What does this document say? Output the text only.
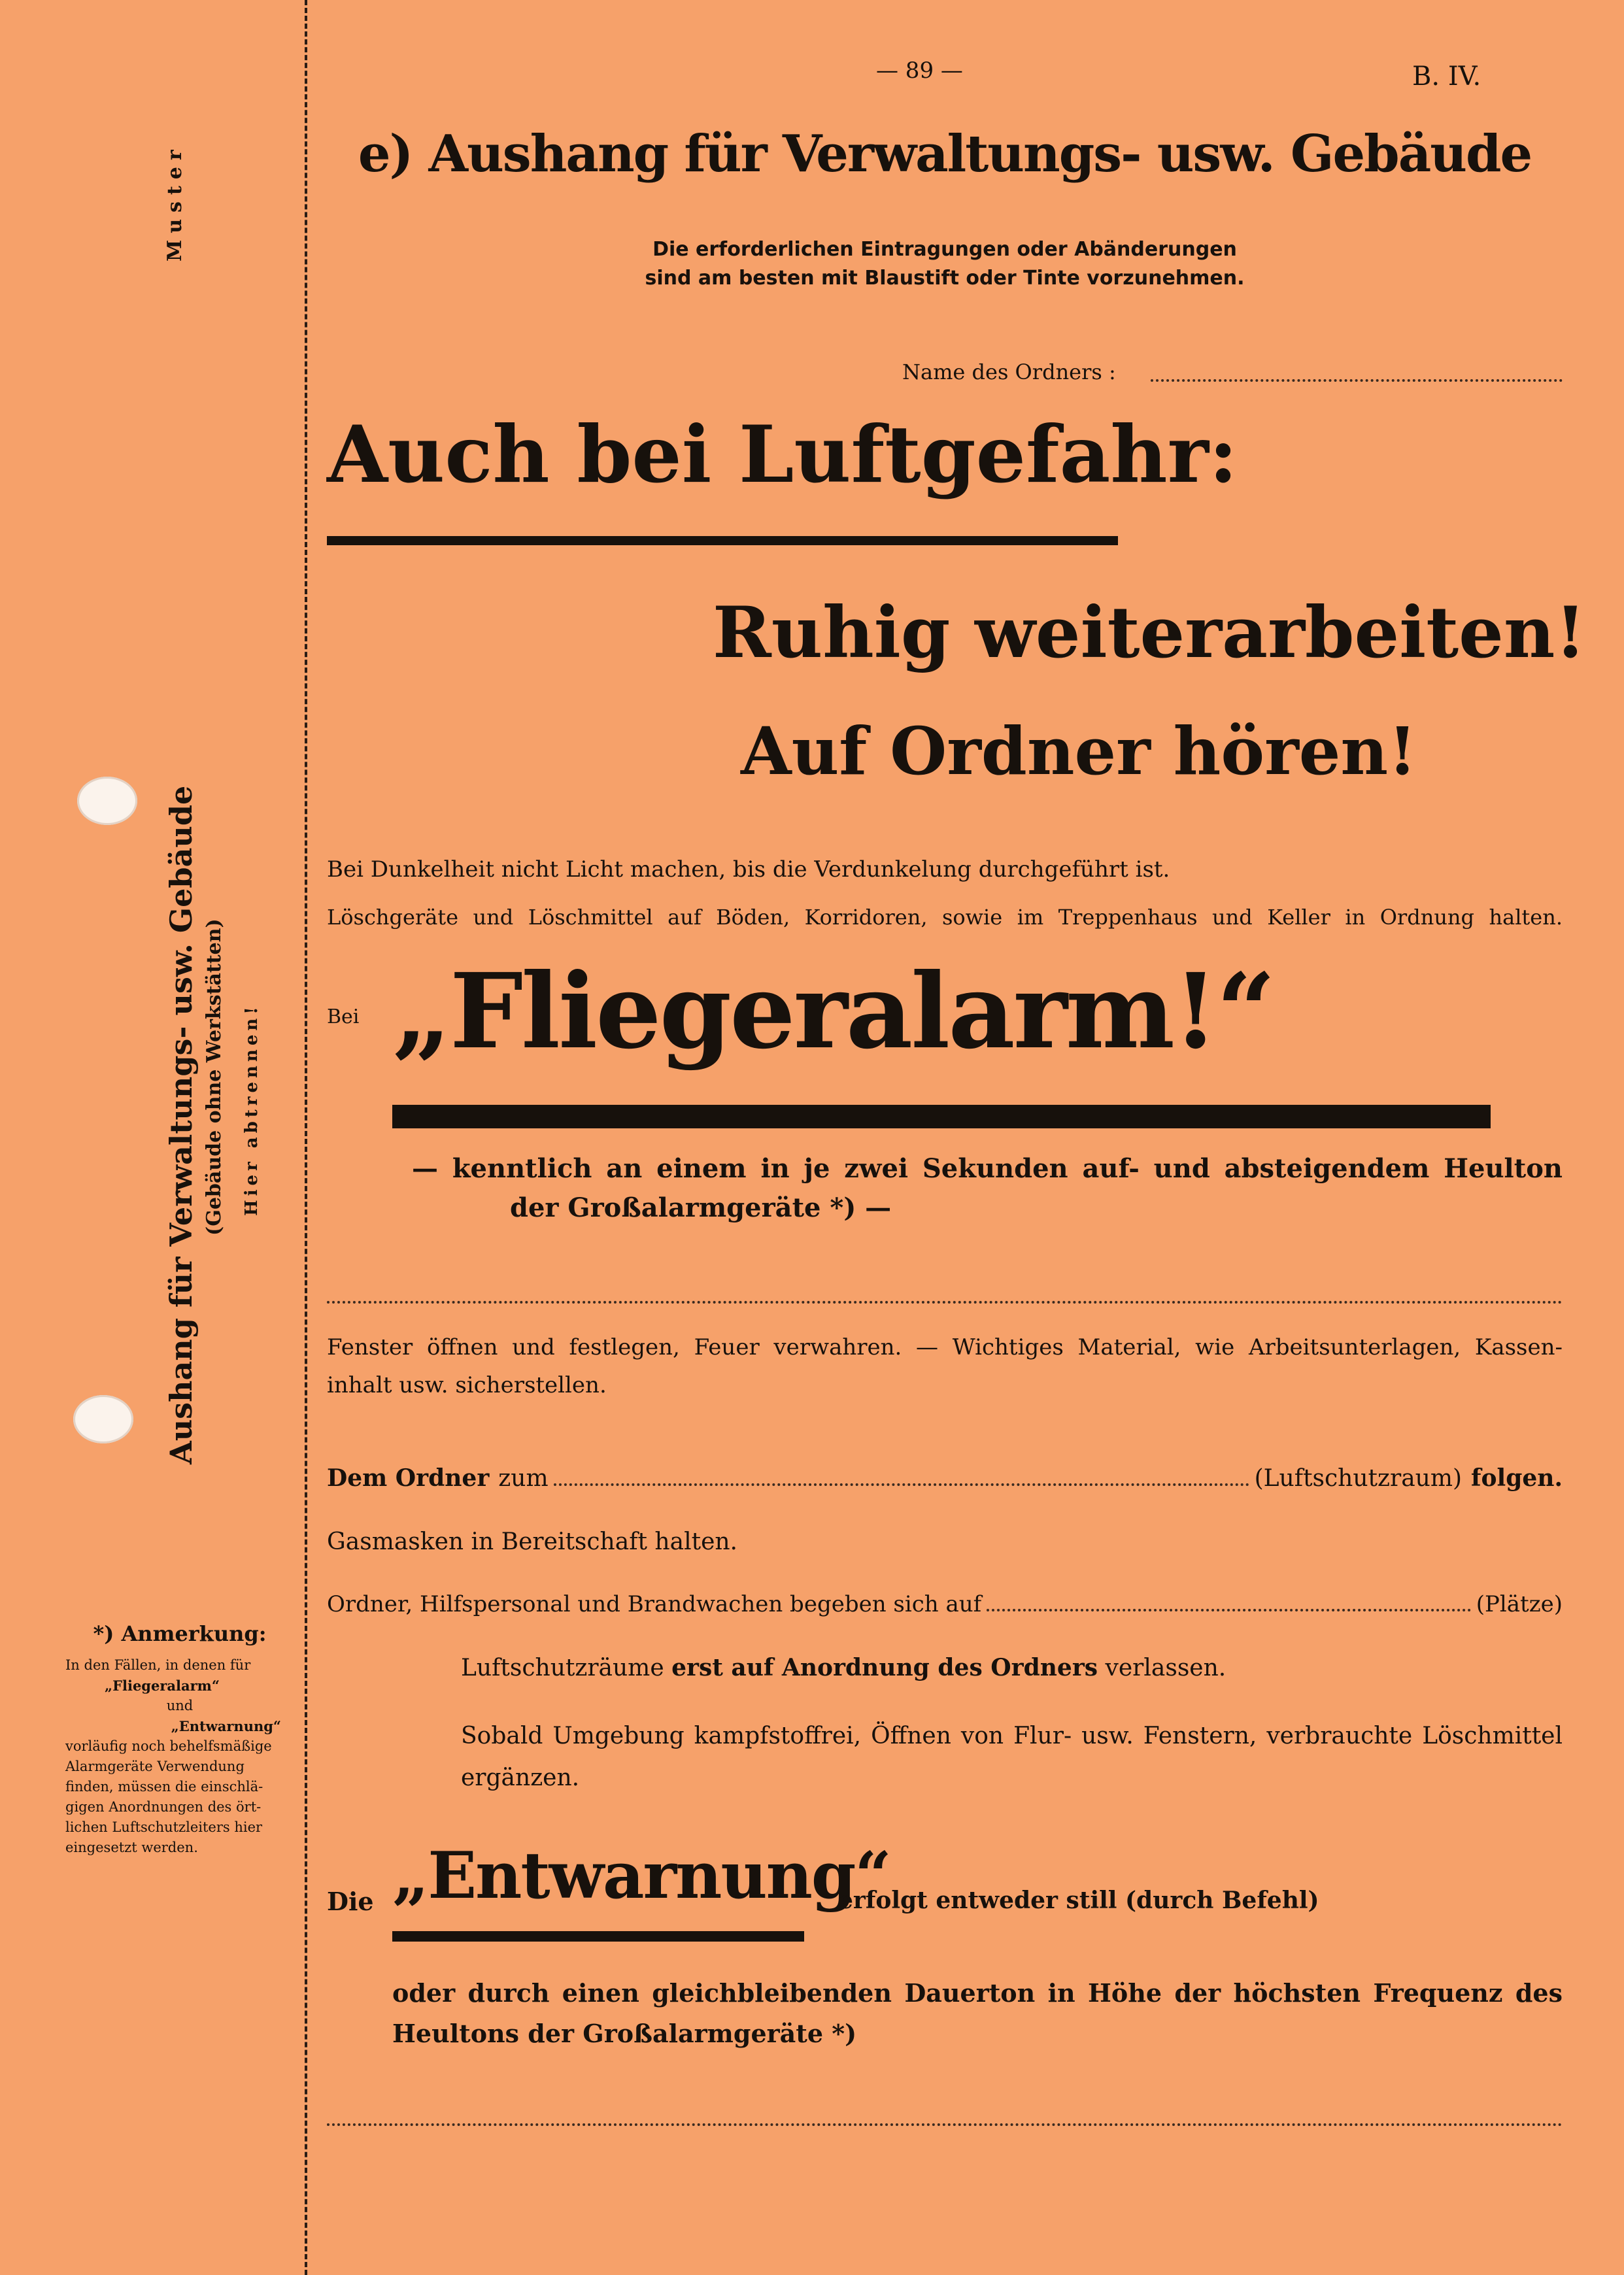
Muster
Aushang für Verwaltungs- usw. Gebäude (Gebäude ohne Werkstätten) Hier abtrennen!
*) Anmerkung:
In den Fällen, in denen für
„Fliegeralarm“
und
„Entwarnung“
vorläufig noch behelfsmäßige
Alarmgeräte Verwendung
finden, müssen die einschlä-
gigen Anordnungen des ört-
lichen Luftschutzleiters hier
eingesetzt werden.
— 89 —	B. IV.
e) Aushang für Verwaltungs- usw. Gebäude
Die erforderlichen Eintragungen oder Abänderungen
sind am besten mit Blaustift oder Tinte vorzunehmen.
Name des Ordners :
Auch bei Luftgefahr:
Ruhig weiterarbeiten!
Auf Ordner hören!
Bei Dunkelheit nicht Licht machen, bis die Verdunkelung durchgeführt ist.
Löschgeräte und Löschmittel auf Böden, Korridoren, sowie im Treppenhaus und Keller in Ordnung halten.
Bei „Fliegeralarm!“
— kenntlich an einem in je zwei Sekunden auf- und absteigendem Heulton
der Großalarmgeräte *) —
Fenster öffnen und festlegen, Feuer verwahren. — Wichtiges Material, wie Arbeitsunterlagen, Kassen-
inhalt usw. sicherstellen.
Dem Ordner zum	(Luftschutzraum) folgen.
Gasmasken in Bereitschaft halten.
Ordner, Hilfspersonal und Brandwachen begeben sich auf	(Plätze)
Luftschutzräume erst auf Anordnung des Ordners verlassen.
Sobald Umgebung kampfstoffrei, Öffnen von Flur- usw. Fenstern, verbrauchte Löschmittel
ergänzen.
Die „Entwarnung“
erfolgt entweder still (durch Befehl)
oder durch einen gleichbleibenden Dauerton in Höhe der höchsten Frequenz des
Heultons der Großalarmgeräte *)
